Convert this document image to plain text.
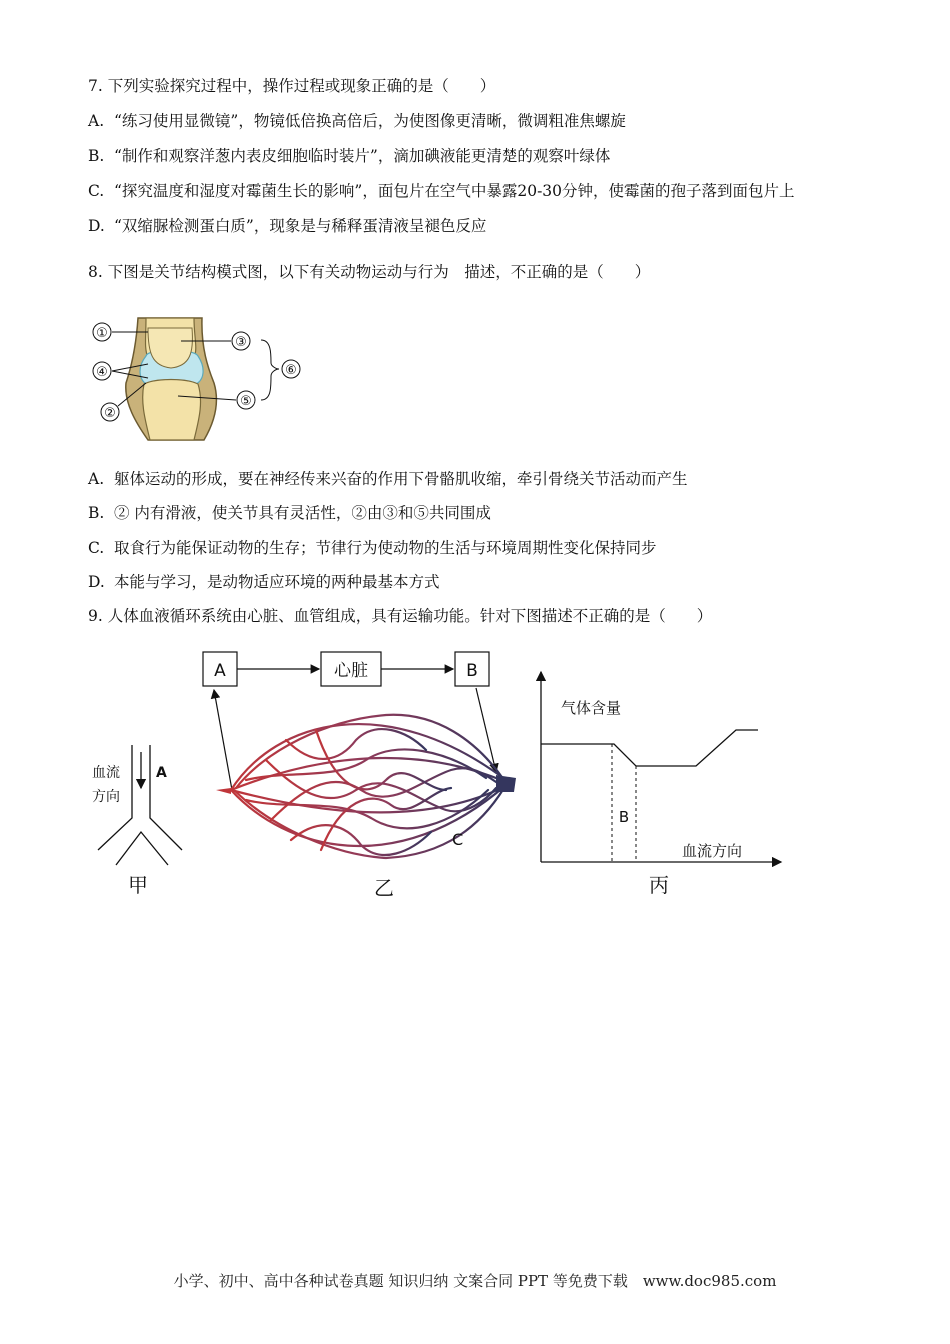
7. 下列实验探究过程中，操作过程或现象正确的是（　　）
A. “练习使用显微镜”，物镜低倍换高倍后，为使图像更清晰，微调粗准焦螺旋
B. “制作和观察洋葱内表皮细胞临时装片”，滴加碘液能更清楚的观察叶绿体
C. “探究温度和湿度对霉菌生长的影响”，面包片在空气中暴露20-30分钟，使霉菌的孢子落到面包片上
D. “双缩脲检测蛋白质”，现象是与稀释蛋清液呈褪色反应
8. 下图是关节结构模式图，以下有关动物运动与行为　描述，不正确的是（　　）
①
③
④
②
⑤
⑥
A. 躯体运动的形成，要在神经传来兴奋的作用下骨骼肌收缩，牵引骨绕关节活动而产生
B. ② 内有滑液，使关节具有灵活性，②由③和⑤共同围成
C. 取食行为能保证动物的生存；节律行为使动物的生活与环境周期性变化保持同步
D. 本能与学习，是动物适应环境的两种最基本方式
9. 人体血液循环系统由心脏、血管组成，具有运输功能。针对下图描述不正确的是（　　）
血流
方向
A
甲
A	心脏	B
C
乙
气体含量
血流方向
B
丙
小学、初中、高中各种试卷真题 知识归纳 文案合同 PPT 等免费下载　www.doc985.com
